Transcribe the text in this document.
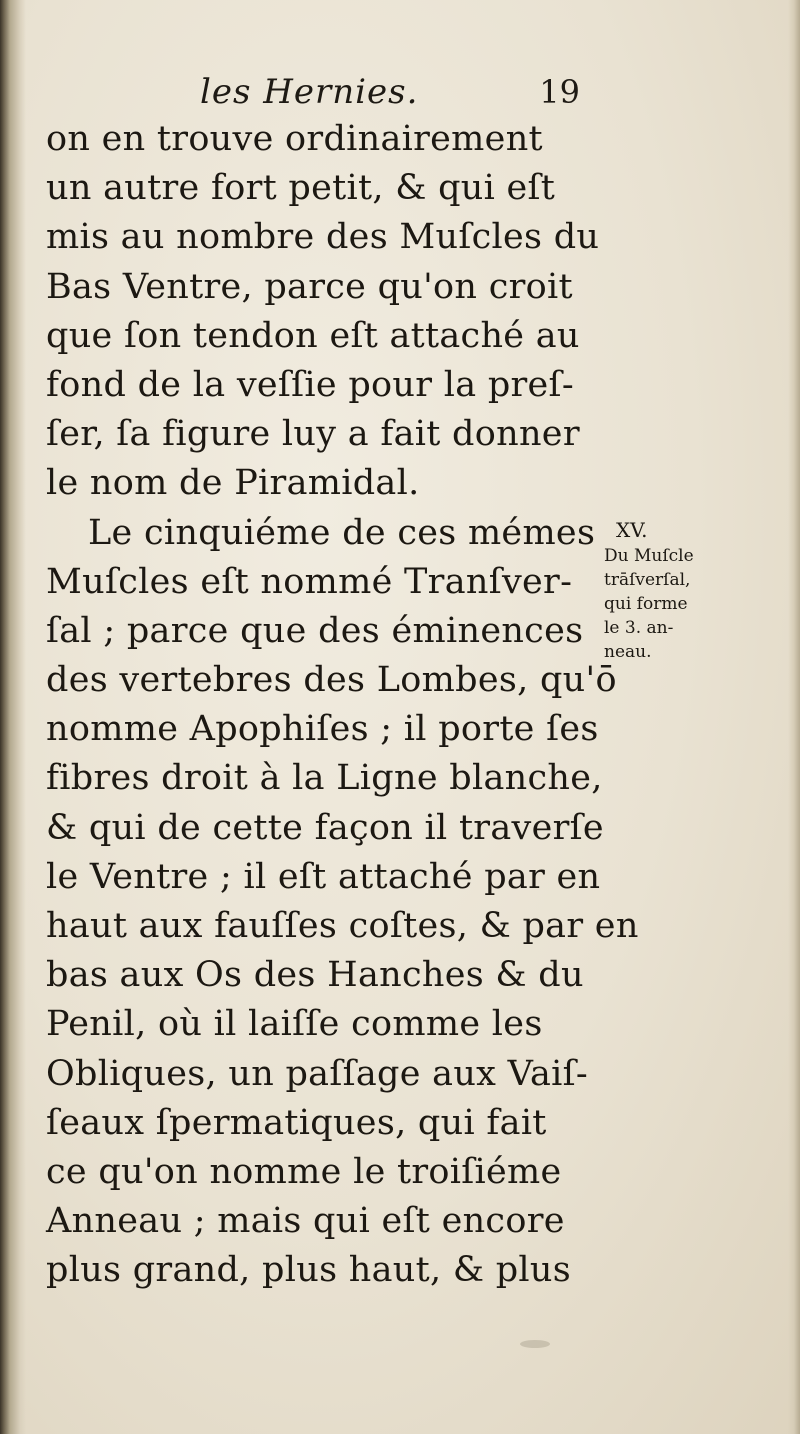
les Hernies.	19
on en trouve ordinairement
un autre fort petit, & qui eſt
mis au nombre des Muſcles du
Bas Ventre, parce qu'on croit
que ſon tendon eſt attaché au
fond de la veſſie pour la preſ-
ſer, ſa figure luy a fait donner
le nom de Piramidal.
Le cinquiéme de ces mémes
Muſcles eſt nommé Tranſver-
ſal ; parce que des éminences
des vertebres des Lombes, qu'ō
nomme Apophiſes ; il porte ſes
fibres droit à la Ligne blanche,
& qui de cette façon il traverſe
le Ventre ; il eſt attaché par en
haut aux fauſſes coſtes, & par en
bas aux Os des Hanches & du
Penil, où il laiſſe comme les
Obliques, un paſſage aux Vaiſ-
ſeaux ſpermatiques, qui fait
ce qu'on nomme le troiſiéme
Anneau ; mais qui eſt encore
plus grand, plus haut, & plus
XV.
Du Muſcle
trāſverſal,
qui forme
le 3. an-
neau.
